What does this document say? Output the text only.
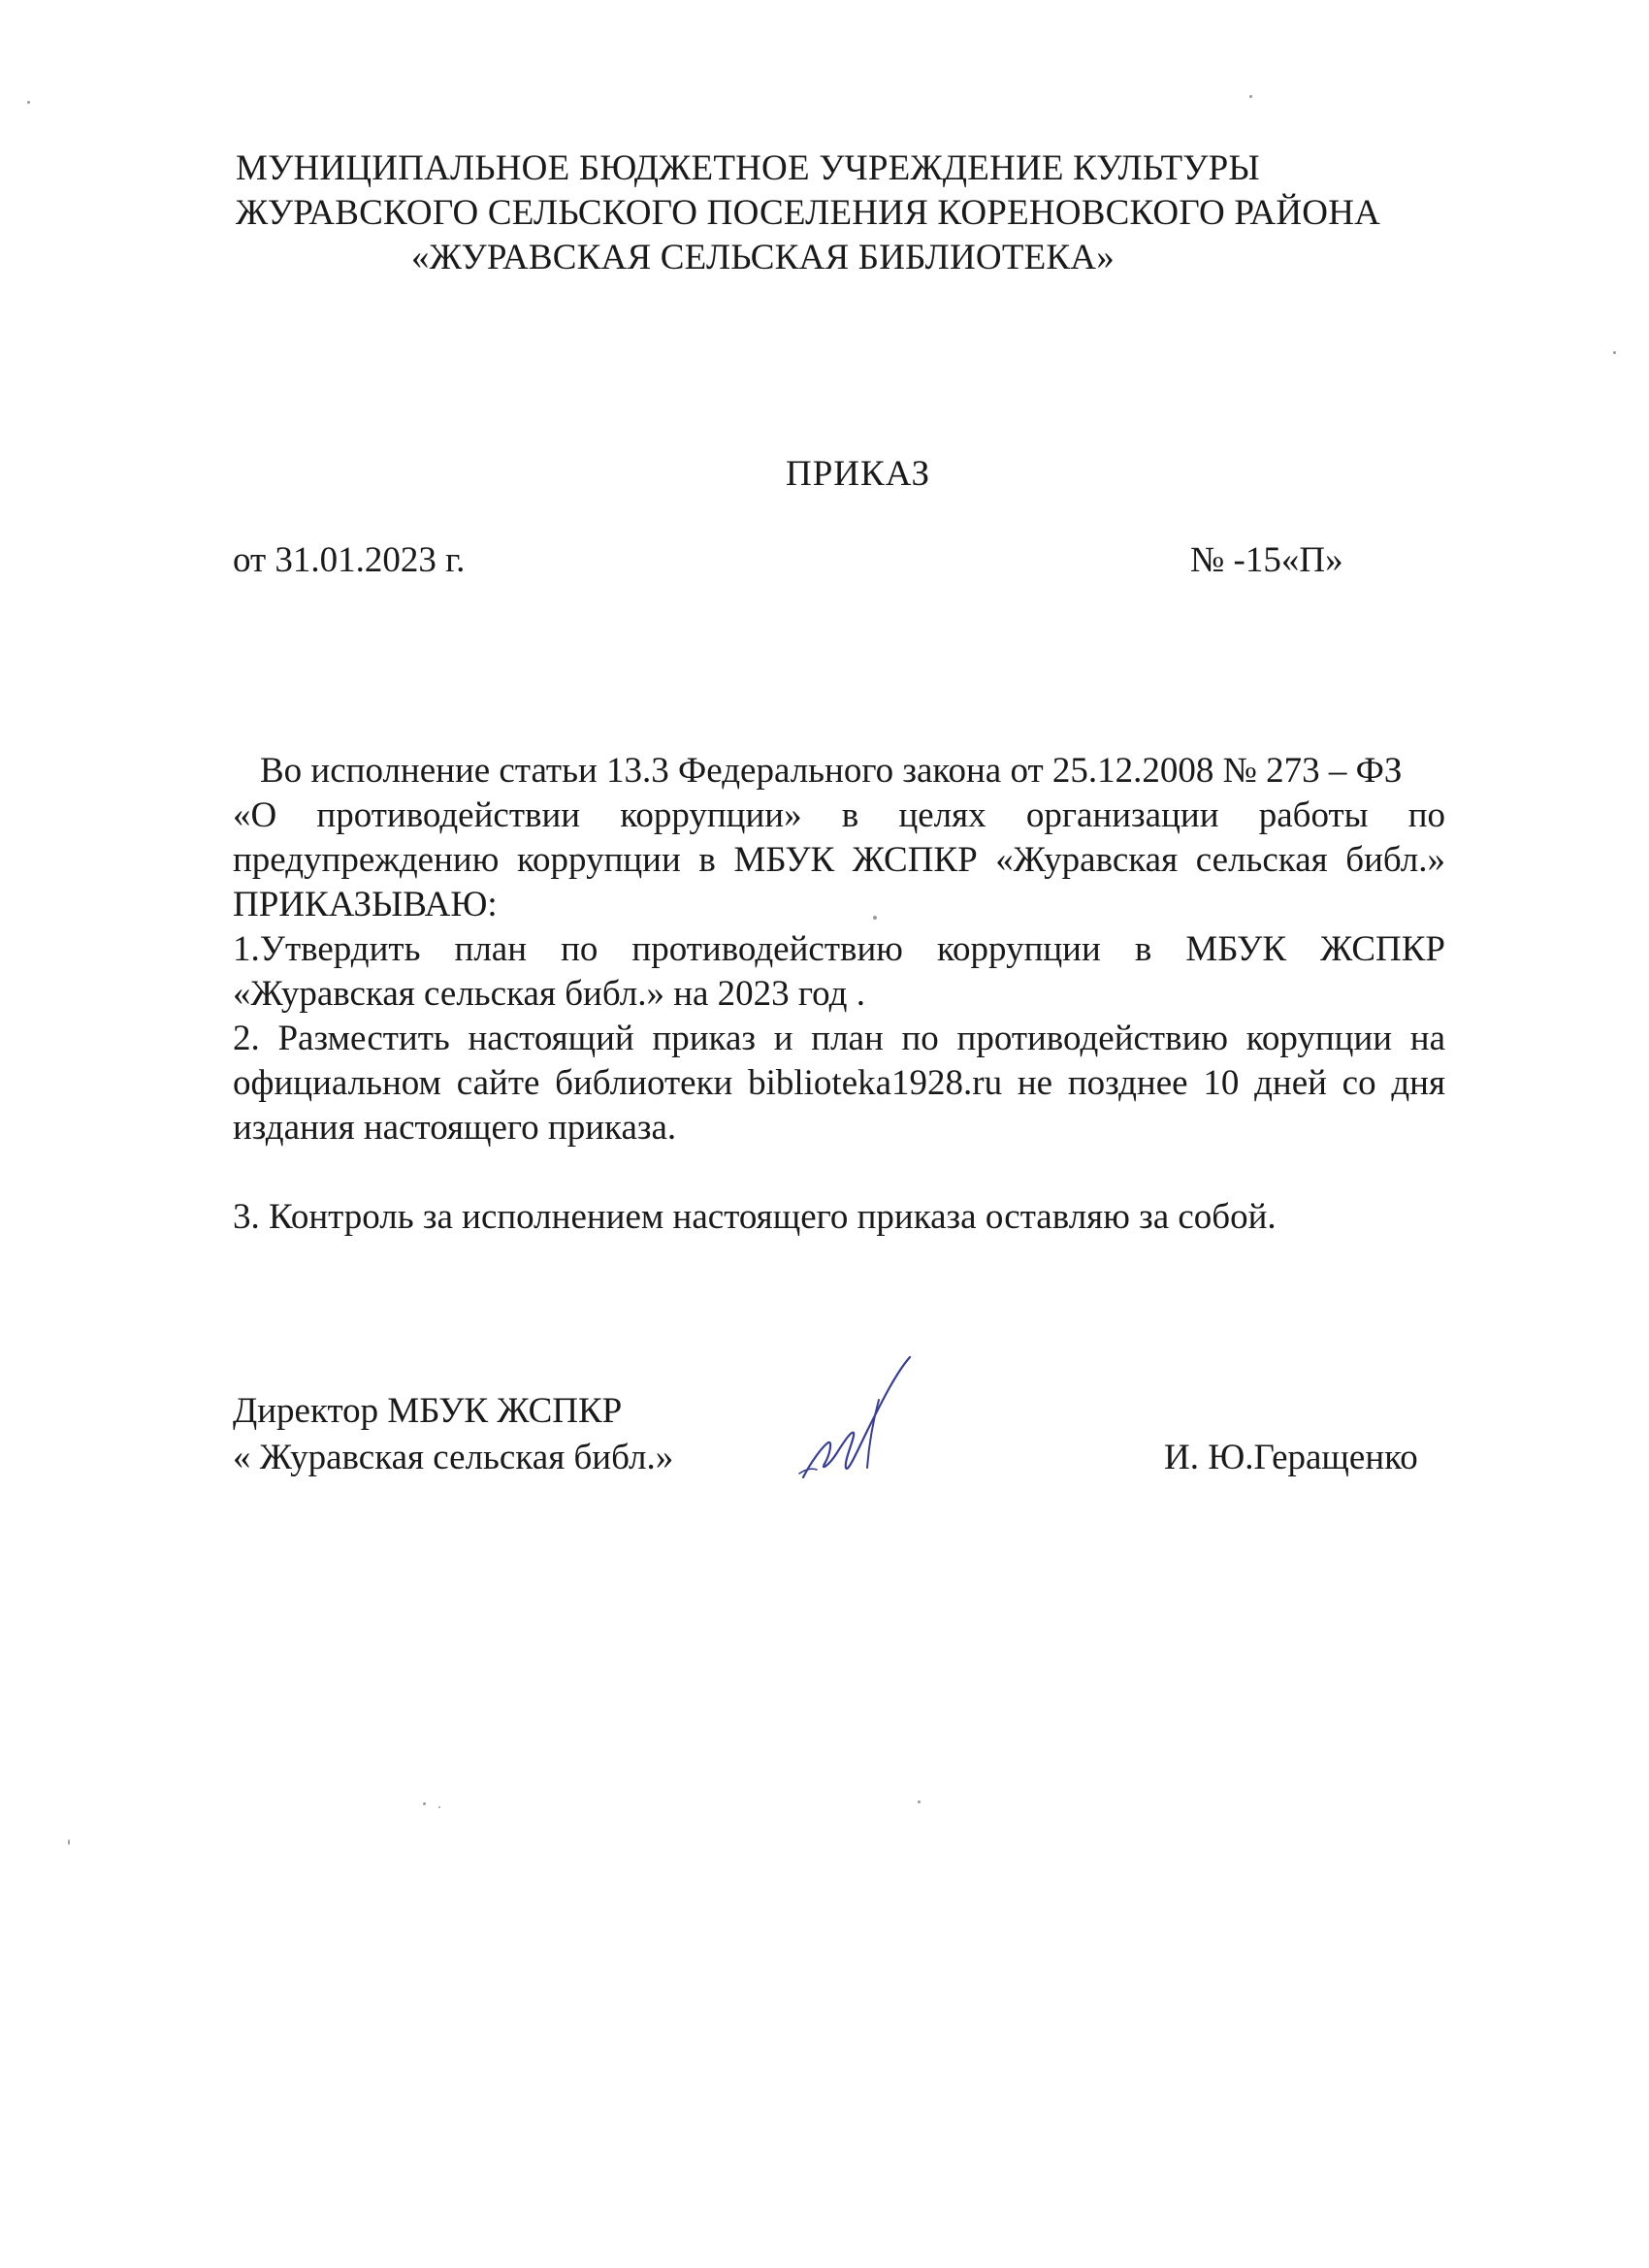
МУНИЦИПАЛЬНОЕ БЮДЖЕТНОЕ УЧРЕЖДЕНИЕ КУЛЬТУРЫ
ЖУРАВСКОГО СЕЛЬСКОГО ПОСЕЛЕНИЯ КОРЕНОВСКОГО РАЙОНА
«ЖУРАВСКАЯ СЕЛЬСКАЯ БИБЛИОТЕКА»
ПРИКАЗ
от 31.01.2023 г.	№ -15«П»
Во исполнение статьи 13.3 Федерального закона от 25.12.2008 № 273 – ФЗ
«О противодействии коррупции» в целях организации работы по
предупреждению коррупции в МБУК ЖСПКР «Журавская сельская библ.»
ПРИКАЗЫВАЮ:
1.Утвердить план по противодействию коррупции в МБУК ЖСПКР
«Журавская сельская библ.» на 2023 год .
2. Разместить настоящий приказ и план по противодействию корупции на
официальном сайте библиотеки biblioteka1928.ru не позднее 10 дней со дня
издания настоящего приказа.
3. Контроль за исполнением настоящего приказа оставляю за собой.
Директор МБУК ЖСПКР
« Журавская сельская библ.»	И. Ю.Геращенко
